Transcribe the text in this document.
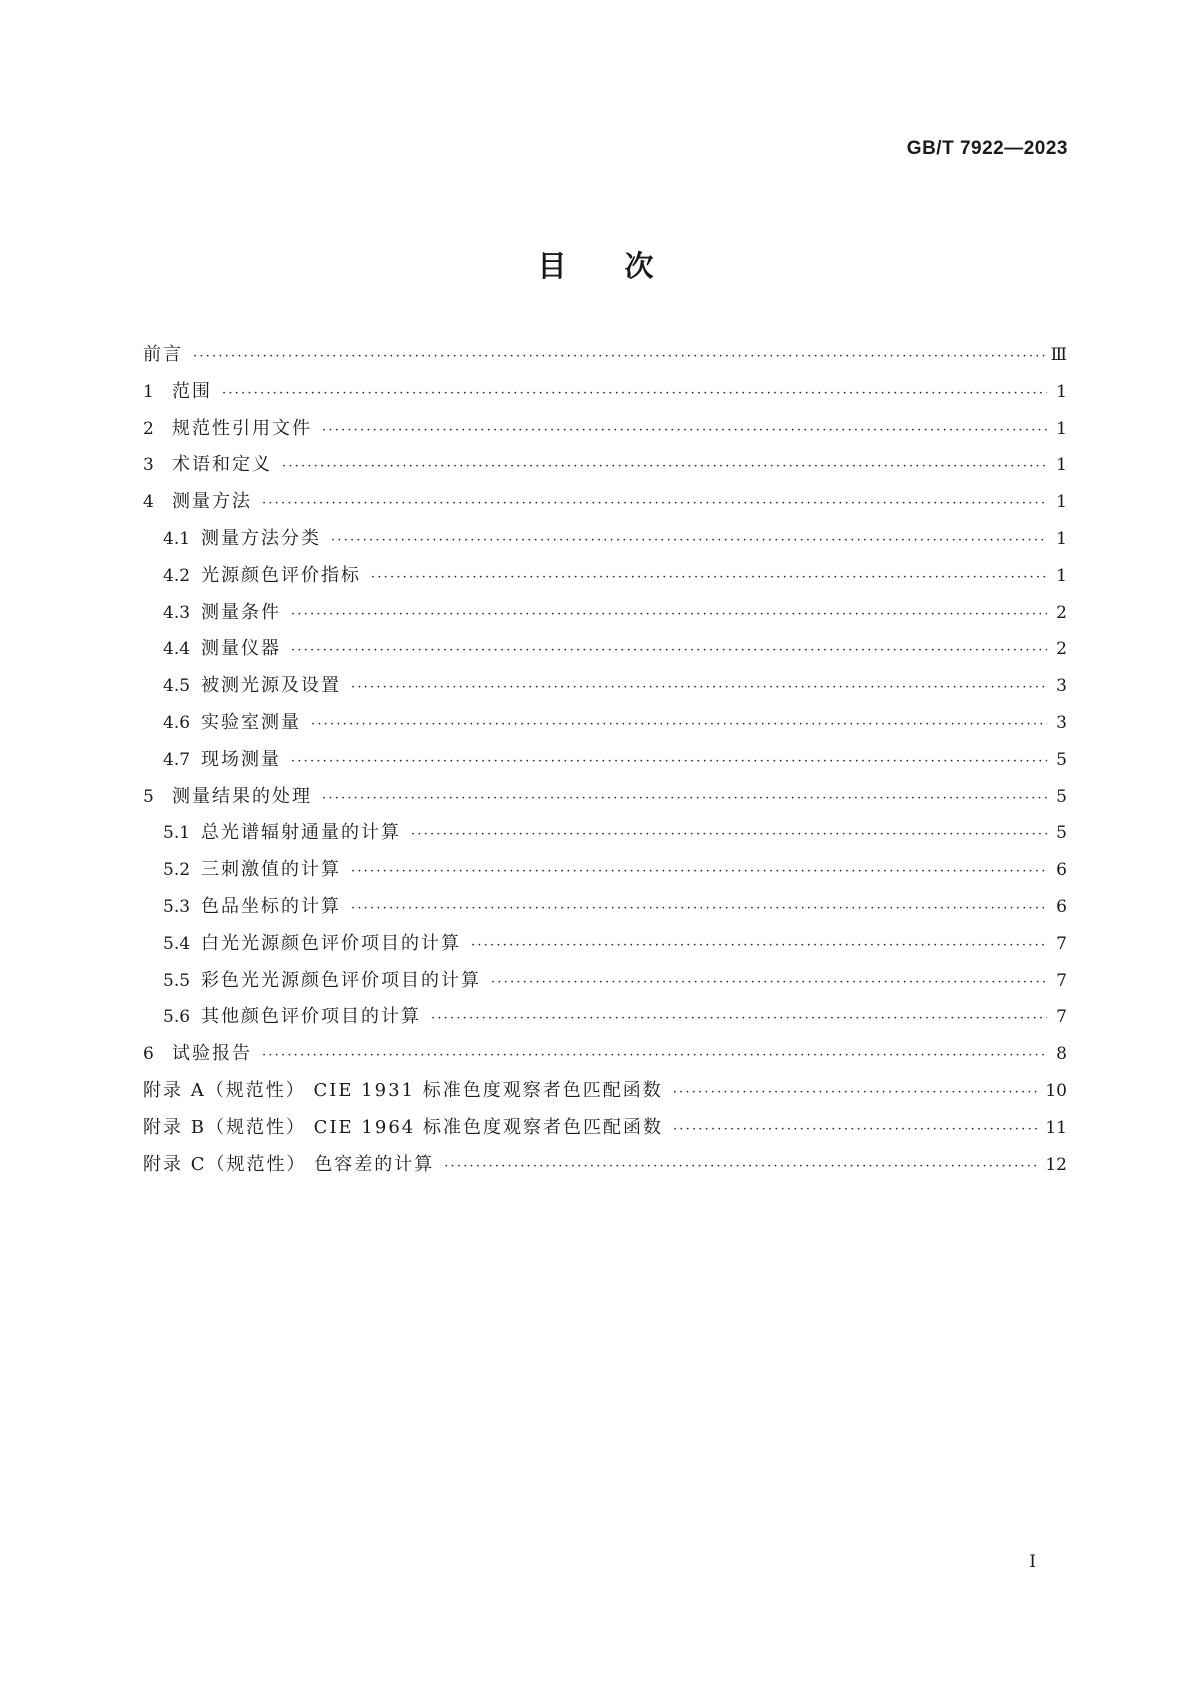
GB/T 7922—2023
目次
前言 ·····	Ⅲ
1	范围 ·····	1
2	规范性引用文件 ·····	1
3	术语和定义 ·····	1
4	测量方法 ·····	1
4.1 测量方法分类 ·····	1
4.2 光源颜色评价指标 ·····	1
4.3 测量条件 ·····	2
4.4 测量仪器 ·····	2
4.5 被测光源及设置 ·····	3
4.6 实验室测量 ·····	3
4.7 现场测量 ·····	5
5	测量结果的处理 ·····	5
5.1 总光谱辐射通量的计算 ·····	5
5.2 三刺激值的计算 ·····	6
5.3 色品坐标的计算 ·····	6
5.4 白光光源颜色评价项目的计算 ·····	7
5.5 彩色光光源颜色评价项目的计算 ·····	7
5.6 其他颜色评价项目的计算 ·····	7
6	试验报告 ·····	8
附录 A（规范性） CIE 1931 标准色度观察者色匹配函数 ·····	10
附录 B（规范性） CIE 1964 标准色度观察者色匹配函数 ·····	11
附录 C（规范性） 色容差的计算 ·····	12
I
